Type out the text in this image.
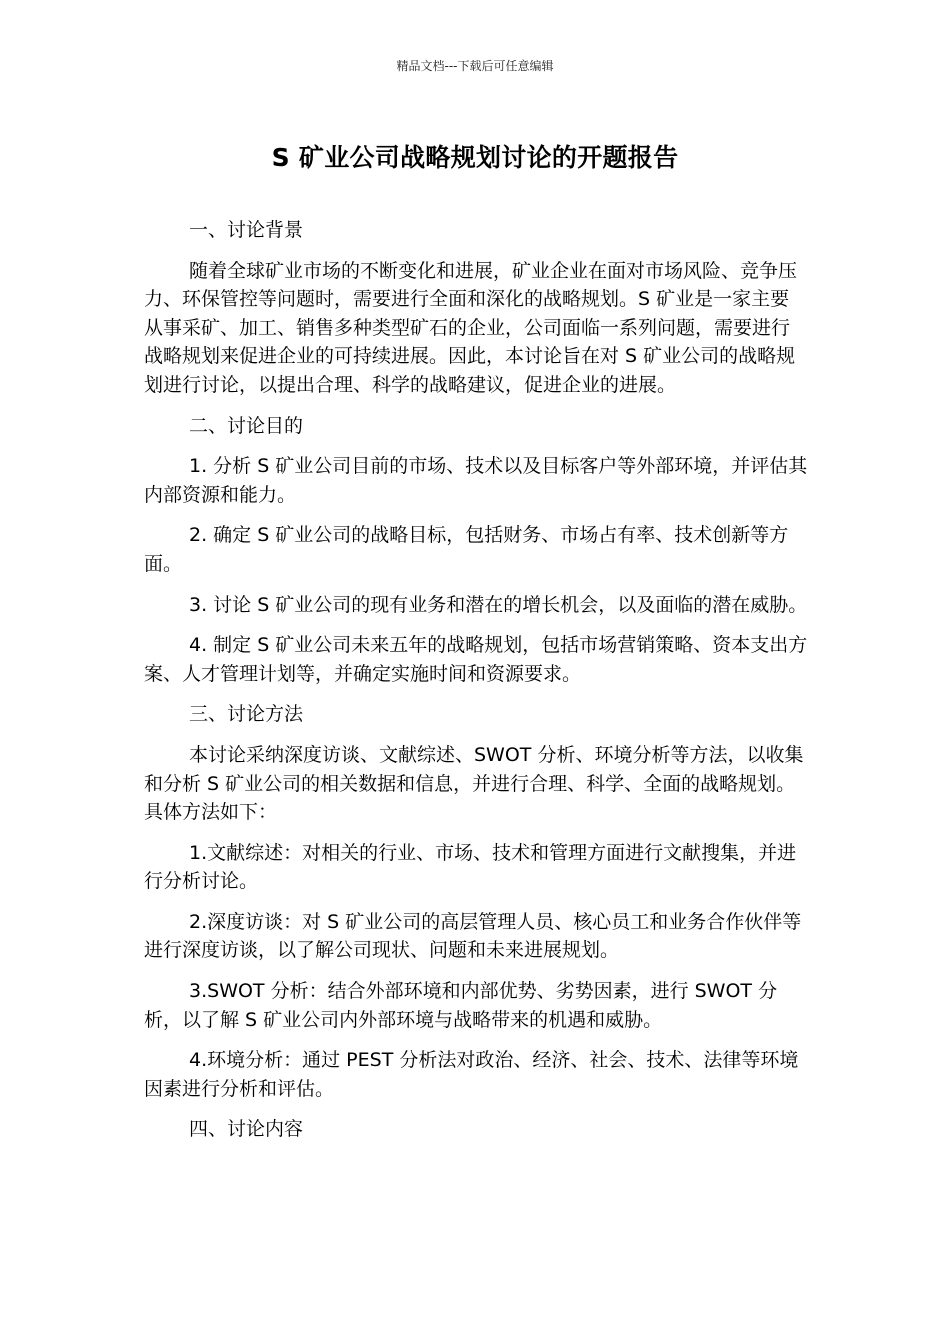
精品文档---下载后可任意编辑
S 矿业公司战略规划讨论的开题报告

一、讨论背景

随着全球矿业市场的不断变化和进展，矿业企业在面对市场风险、竞争压力、环保管控等问题时，需要进行全面和深化的战略规划。S 矿业是一家主要从事采矿、加工、销售多种类型矿石的企业，公司面临一系列问题，需要进行战略规划来促进企业的可持续进展。因此，本讨论旨在对 S 矿业公司的战略规划进行讨论，以提出合理、科学的战略建议，促进企业的进展。

二、讨论目的

1. 分析 S 矿业公司目前的市场、技术以及目标客户等外部环境，并评估其内部资源和能力。

2. 确定 S 矿业公司的战略目标，包括财务、市场占有率、技术创新等方面。

3. 讨论 S 矿业公司的现有业务和潜在的增长机会，以及面临的潜在威胁。

4. 制定 S 矿业公司未来五年的战略规划，包括市场营销策略、资本支出方案、人才管理计划等，并确定实施时间和资源要求。

三、讨论方法

本讨论采纳深度访谈、文献综述、SWOT 分析、环境分析等方法，以收集和分析 S 矿业公司的相关数据和信息，并进行合理、科学、全面的战略规划。具体方法如下：

1.文献综述：对相关的行业、市场、技术和管理方面进行文献搜集，并进行分析讨论。

2.深度访谈：对 S 矿业公司的高层管理人员、核心员工和业务合作伙伴等进行深度访谈，以了解公司现状、问题和未来进展规划。

3.SWOT 分析：结合外部环境和内部优势、劣势因素，进行 SWOT 分析，以了解 S 矿业公司内外部环境与战略带来的机遇和威胁。

4.环境分析：通过 PEST 分析法对政治、经济、社会、技术、法律等环境因素进行分析和评估。

四、讨论内容
